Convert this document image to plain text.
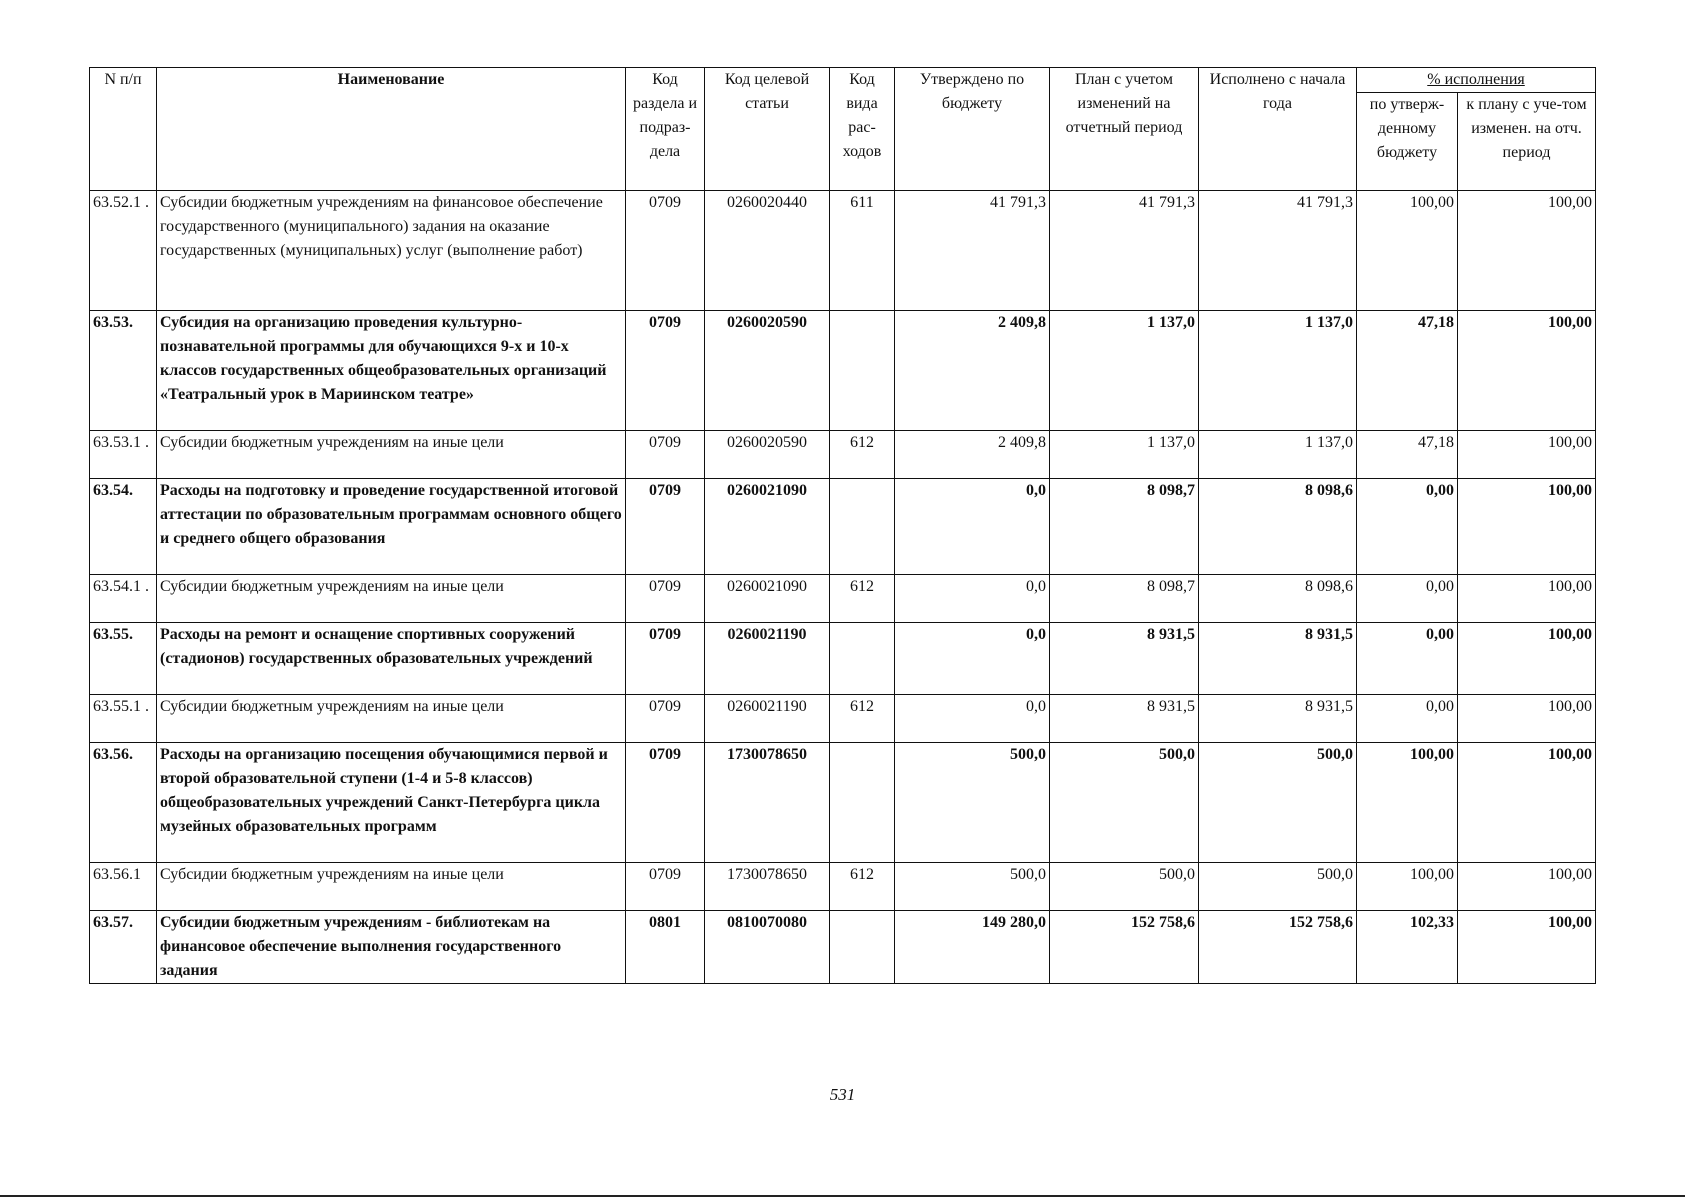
N п/п	Наименование	Код раздела и подраз-дела	Код целевой статьи	Код вида рас-ходов	Утверждено по бюджету	План с учетом изменений на отчетный период	Исполнено с начала года	% исполнения	
								по утверж-денному бюджету	к плану с уче-том изменен. на отч. период
63.52.1 .	Субсидии бюджетным учреждениям на финансовое обеспечение государственного (муниципального) задания на оказание государственных (муниципальных) услуг (выполнение работ)	0709	0260020440	611	41 791,3	41 791,3	41 791,3	100,00	100,00
63.53.	Субсидия на организацию проведения культурно-познавательной программы для обучающихся 9-х и 10-х классов государственных общеобразовательных организаций «Театральный урок в Мариинском театре»	0709	0260020590		2 409,8	1 137,0	1 137,0	47,18	100,00
63.53.1 .	Субсидии бюджетным учреждениям на иные цели	0709	0260020590	612	2 409,8	1 137,0	1 137,0	47,18	100,00
63.54.	Расходы на подготовку и проведение государственной итоговой аттестации по образовательным программам основного общего и среднего общего образования	0709	0260021090		0,0	8 098,7	8 098,6	0,00	100,00
63.54.1 .	Субсидии бюджетным учреждениям на иные цели	0709	0260021090	612	0,0	8 098,7	8 098,6	0,00	100,00
63.55.	Расходы на ремонт и оснащение спортивных сооружений (стадионов) государственных образовательных учреждений	0709	0260021190		0,0	8 931,5	8 931,5	0,00	100,00
63.55.1 .	Субсидии бюджетным учреждениям на иные цели	0709	0260021190	612	0,0	8 931,5	8 931,5	0,00	100,00
63.56.	Расходы на организацию посещения обучающимися первой и второй образовательной ступени (1-4 и 5-8 классов) общеобразовательных учреждений Санкт-Петербурга цикла музейных образовательных программ	0709	1730078650		500,0	500,0	500,0	100,00	100,00
63.56.1	Субсидии бюджетным учреждениям на иные цели	0709	1730078650	612	500,0	500,0	500,0	100,00	100,00
63.57.	Субсидии бюджетным учреждениям - библиотекам на финансовое обеспечение выполнения государственного задания	0801	0810070080		149 280,0	152 758,6	152 758,6	102,33	100,00
531
